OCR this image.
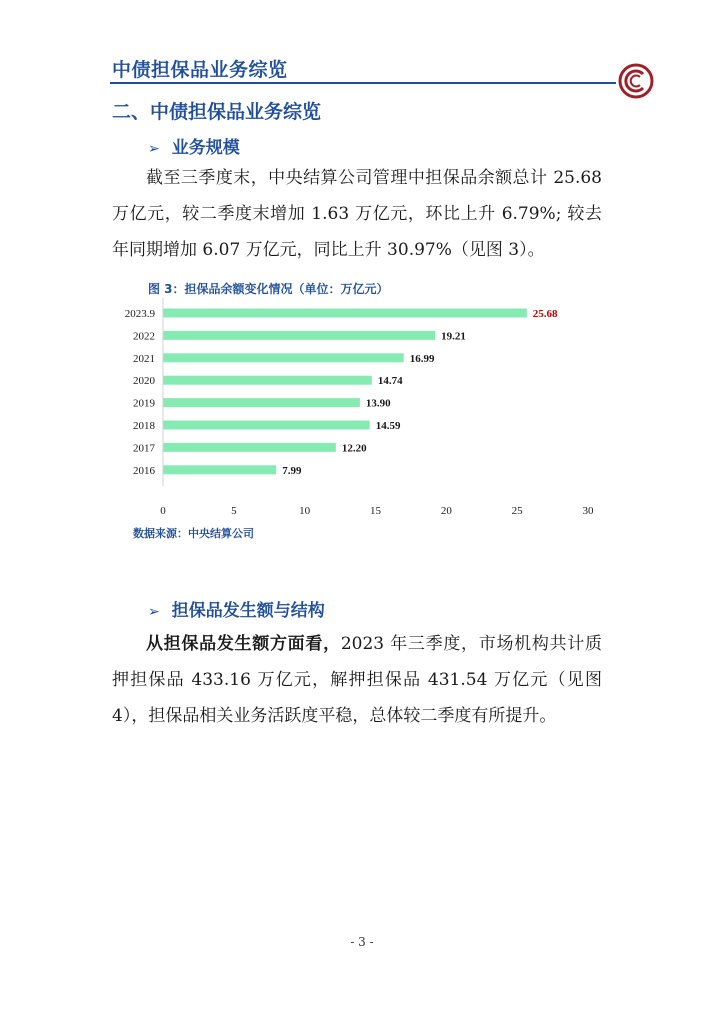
中债担保品业务综览
二、中债担保品业务综览
➢ 业务规模

截至三季度末，中央结算公司管理中担保品余额总计 25.68 万亿元，较二季度末增加 1.63 万亿元，环比上升 6.79%; 较去年同期增加 6.07 万亿元，同比上升 30.97%（见图 3）。

图 3：担保品余额变化情况（单位：万亿元）
2023.9
2022
2021
2020
2019
2018
2017
2016
25.68
19.21
16.99
14.74
13.90
14.59
12.20
7.99
0	5	10	15	20	25	30
数据来源：中央结算公司
➢ 担保品发生额与结构

从担保品发生额方面看，2023 年三季度，市场机构共计质押担保品 433.16 万亿元，解押担保品 431.54 万亿元（见图 4），担保品相关业务活跃度平稳，总体较二季度有所提升。

- 3 -
